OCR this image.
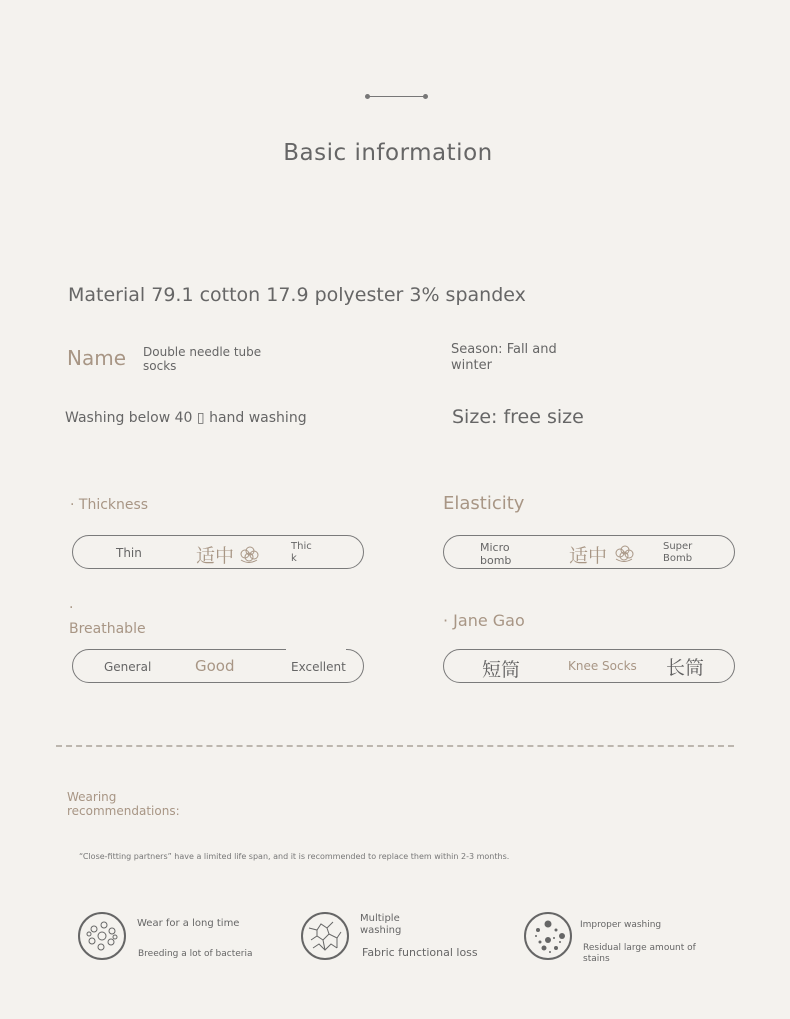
Basic information
Material 79.1 cotton 17.9 polyester 3% spandex
Name Double needle tube
socks
Season: Fall and
winter
Washing below 40 ▯ hand washing	Size: free size
· Thickness
Thin	适中	Thic
k
Elasticity
Micro
bomb	适中	Super
Bomb
·
Breathable
General	Good	Excellent
· Jane Gao
短筒	Knee Socks 长筒
Wearing
recommendations:
“Close-fitting partners” have a limited life span, and it is recommended to replace them within 2-3 months.
Wear for a long time
Breeding a lot of bacteria
Multiple
washing
Fabric functional loss
Improper washing
Residual large amount of
stains
